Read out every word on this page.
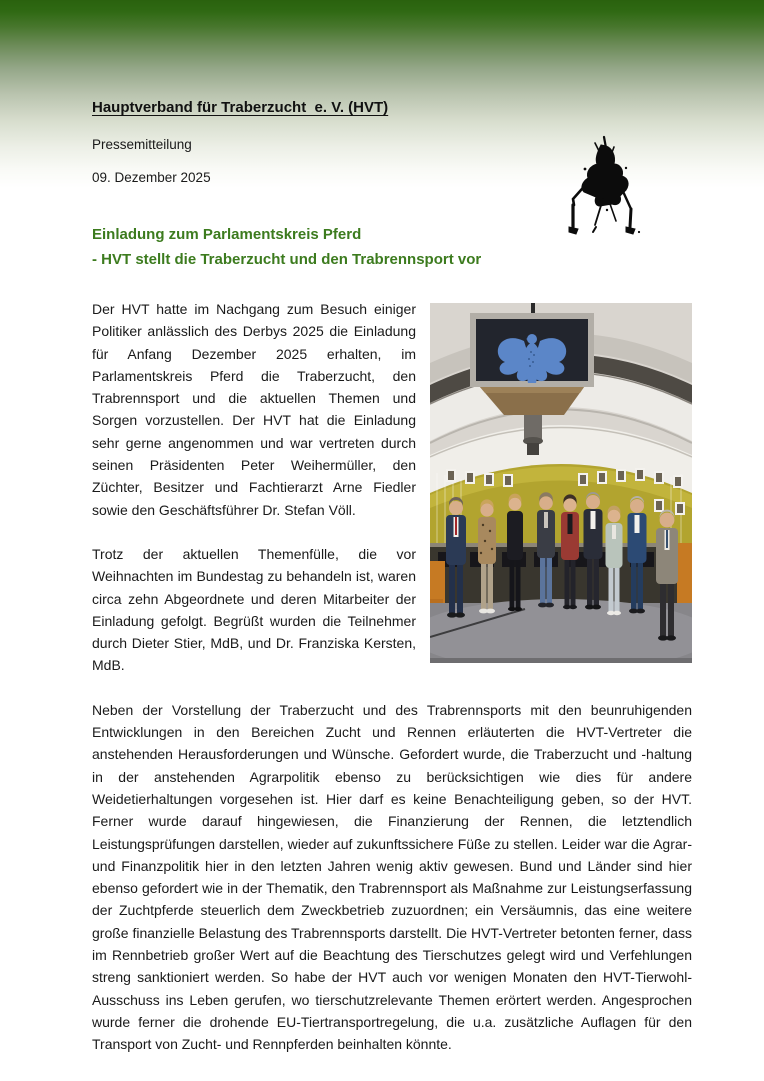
Hauptverband für Traberzucht  e. V. (HVT)

Pressemitteilung

09. Dezember 2025

Einladung zum Parlamentskreis Pferd
- HVT stellt die Traberzucht und den Trabrennsport vor

Der HVT hatte im Nachgang zum Besuch einiger Politiker anlässlich des Derbys 2025 die Einladung für Anfang Dezember 2025 erhalten, im Parlamentskreis Pferd die Traberzucht, den Trabrennsport und die aktuellen Themen und Sorgen vorzustellen. Der HVT hat die Einladung sehr gerne angenommen und war vertreten durch seinen Präsidenten Peter Weihermüller, den Züchter, Besitzer und Fachtierarzt Arne Fiedler sowie den Geschäftsführer Dr. Stefan Völl.

Trotz der aktuellen Themenfülle, die vor Weihnachten im Bundestag zu behandeln ist, waren circa zehn Abgeordnete und deren Mitarbeiter der Einladung gefolgt. Begrüßt wurden die Teilnehmer durch Dieter Stier, MdB, und Dr. Franziska Kersten, MdB.

Neben der Vorstellung der Traberzucht und des Trabrennsports mit den beunruhigenden Entwicklungen in den Bereichen Zucht und Rennen erläuterten die HVT-Vertreter die anstehenden Herausforderungen und Wünsche. Gefordert wurde, die Traberzucht und -haltung in der anstehenden Agrarpolitik ebenso zu berücksichtigen wie dies für andere Weidetierhaltungen vorgesehen ist. Hier darf es keine Benachteiligung geben, so der HVT. Ferner wurde darauf hingewiesen, die Finanzierung der Rennen, die letztendlich Leistungsprüfungen darstellen, wieder auf zukunftssichere Füße zu stellen. Leider war die Agrar- und Finanzpolitik hier in den letzten Jahren wenig aktiv gewesen. Bund und Länder sind hier ebenso gefordert wie in der Thematik, den Trabrennsport als Maßnahme zur Leistungserfassung der Zuchtpferde steuerlich dem Zweckbetrieb zuzuordnen; ein Versäumnis, das eine weitere große finanzielle Belastung des Trabrennsports darstellt. Die HVT-Vertreter betonten ferner, dass im Rennbetrieb großer Wert auf die Beachtung des Tierschutzes gelegt wird und Verfehlungen streng sanktioniert werden. So habe der HVT auch vor wenigen Monaten den HVT-Tierwohl-Ausschuss ins Leben gerufen, wo tierschutzrelevante Themen erörtert werden. Angesprochen wurde ferner die drohende EU-Tiertransportregelung, die u.a. zusätzliche Auflagen für den Transport von Zucht- und Rennpferden beinhalten könnte.
